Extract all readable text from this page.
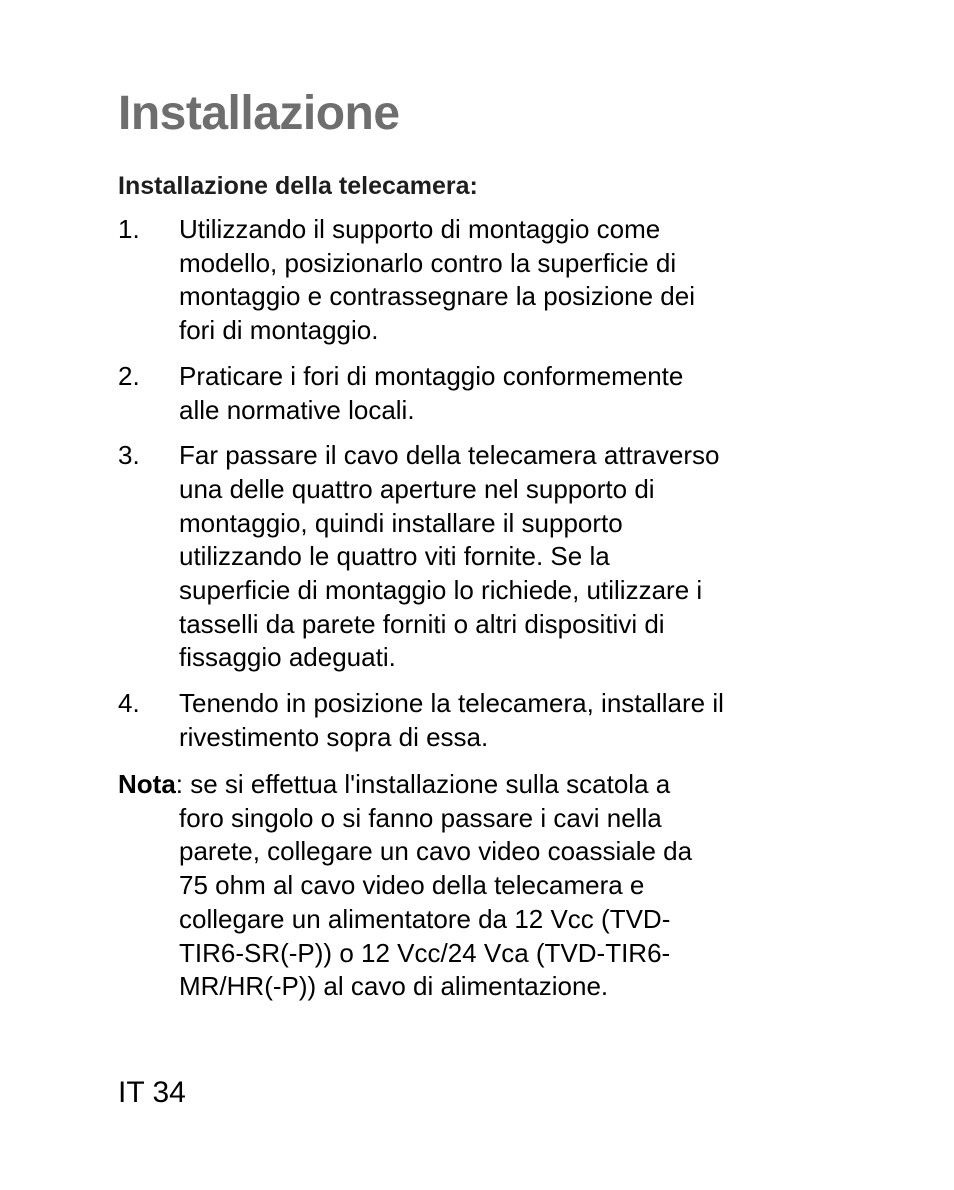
Installazione
Installazione della telecamera:
1.	Utilizzando il supporto di montaggio come
modello, posizionarlo contro la superficie di
montaggio e contrassegnare la posizione dei
fori di montaggio.
2.	Praticare i fori di montaggio conformemente
alle normative locali.
3.	Far passare il cavo della telecamera attraverso
una delle quattro aperture nel supporto di
montaggio, quindi installare il supporto
utilizzando le quattro viti fornite. Se la
superficie di montaggio lo richiede, utilizzare i
tasselli da parete forniti o altri dispositivi di
fissaggio adeguati.
4.	Tenendo in posizione la telecamera, installare il
rivestimento sopra di essa.

Nota: se si effettua l'installazione sulla scatola a
foro singolo o si fanno passare i cavi nella
parete, collegare un cavo video coassiale da
75 ohm al cavo video della telecamera e
collegare un alimentatore da 12 Vcc (TVD-
TIR6-SR(-P)) o 12 Vcc/24 Vca (TVD-TIR6-
MR/HR(-P)) al cavo di alimentazione.

IT 34
